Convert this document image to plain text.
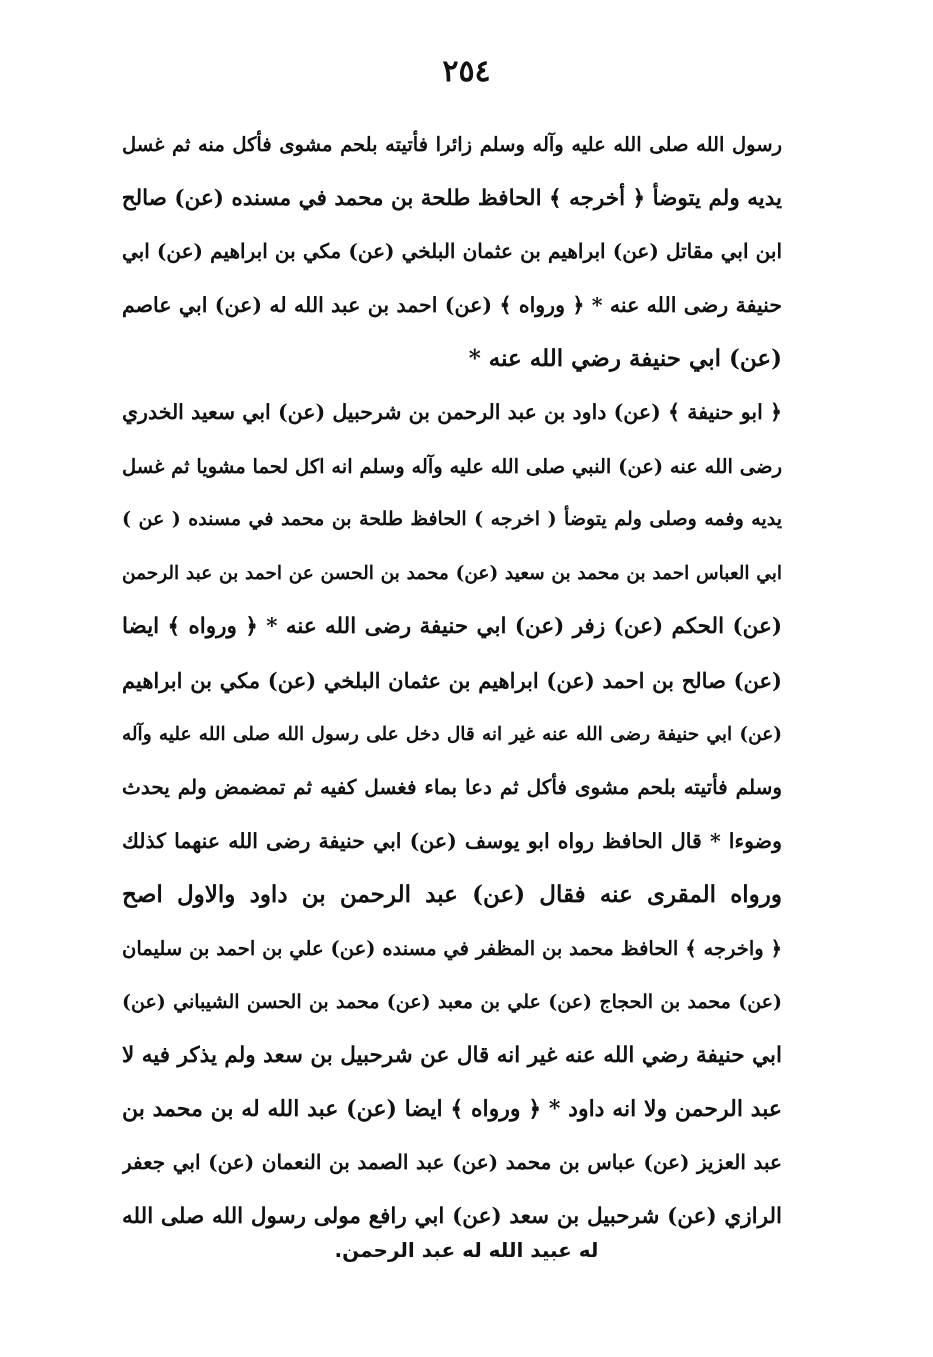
٢٥٤
رسول الله صلى الله عليه وآله وسلم زائرا فأتيته بلحم مشوى فأكل منه ثم غسل
يديه ولم يتوضأ ﴿ أخرجه ﴾ الحافظ طلحة بن محمد في مسنده (عن) صالح
ابن ابي مقاتل (عن) ابراهيم بن عثمان البلخي (عن) مكي بن ابراهيم (عن) ابي
حنيفة رضى الله عنه * ﴿ ورواه ﴾ (عن) احمد بن عبد الله ﻟﻪ (عن) ابي عاصم
(عن) ابي حنيفة رضي الله عنه *
﴿ ابو حنيفة ﴾ (عن) داود بن عبد الرحمن بن شرحبيل (عن) ابي سعيد الخدري
رضى الله عنه (عن) النبي صلى الله عليه وآله وسلم انه اكل لحما مشويا ثم غسل
يديه وفمه وصلى ولم يتوضأ ( اخرجه ) الحافظ طلحة بن محمد في مسنده ( عن )
ابي العباس احمد بن محمد بن سعيد (عن) محمد بن الحسن عن احمد بن عبد الرحمن
(عن) الحكم (عن) زفر (عن) ابي حنيفة رضى الله عنه * ﴿ ورواه ﴾ ايضا
(عن) صالح بن احمد (عن) ابراهيم بن عثمان البلخي (عن) مكي بن ابراهيم
(عن) ابي حنيفة رضى الله عنه غير انه قال دخل على رسول الله صلى الله عليه وآله
وسلم فأتيته بلحم مشوى فأكل ثم دعا بماء فغسل كفيه ثم تمضمض ولم يحدث
وضوءا * قال الحافظ رواه ابو يوسف (عن) ابي حنيفة رضى الله عنهما كذلك
ورواه المقرى عنه فقال (عن) عبد الرحمن بن داود والاول اصح
﴿ واخرجه ﴾ الحافظ محمد بن المظفر في مسنده (عن) علي بن احمد بن سليمان
(عن) محمد بن الحجاج (عن) علي بن معبد (عن) محمد بن الحسن الشيباني (عن)
ابي حنيفة رضي الله عنه غير انه قال عن شرحبيل بن سعد ولم يذكر فيه لا
عبد الرحمن ولا انه داود * ﴿ ورواه ﴾ ايضا (عن) عبد الله ﻟﻪ بن محمد بن
عبد العزيز (عن) عباس بن محمد (عن) عبد الصمد بن النعمان (عن) ابي جعفر
الرازي (عن) شرحبيل بن سعد (عن) ابي رافع مولى رسول الله صلى الله
ﻟﻪ عبيد الله ﻟﻪ عبد الرحمن.
